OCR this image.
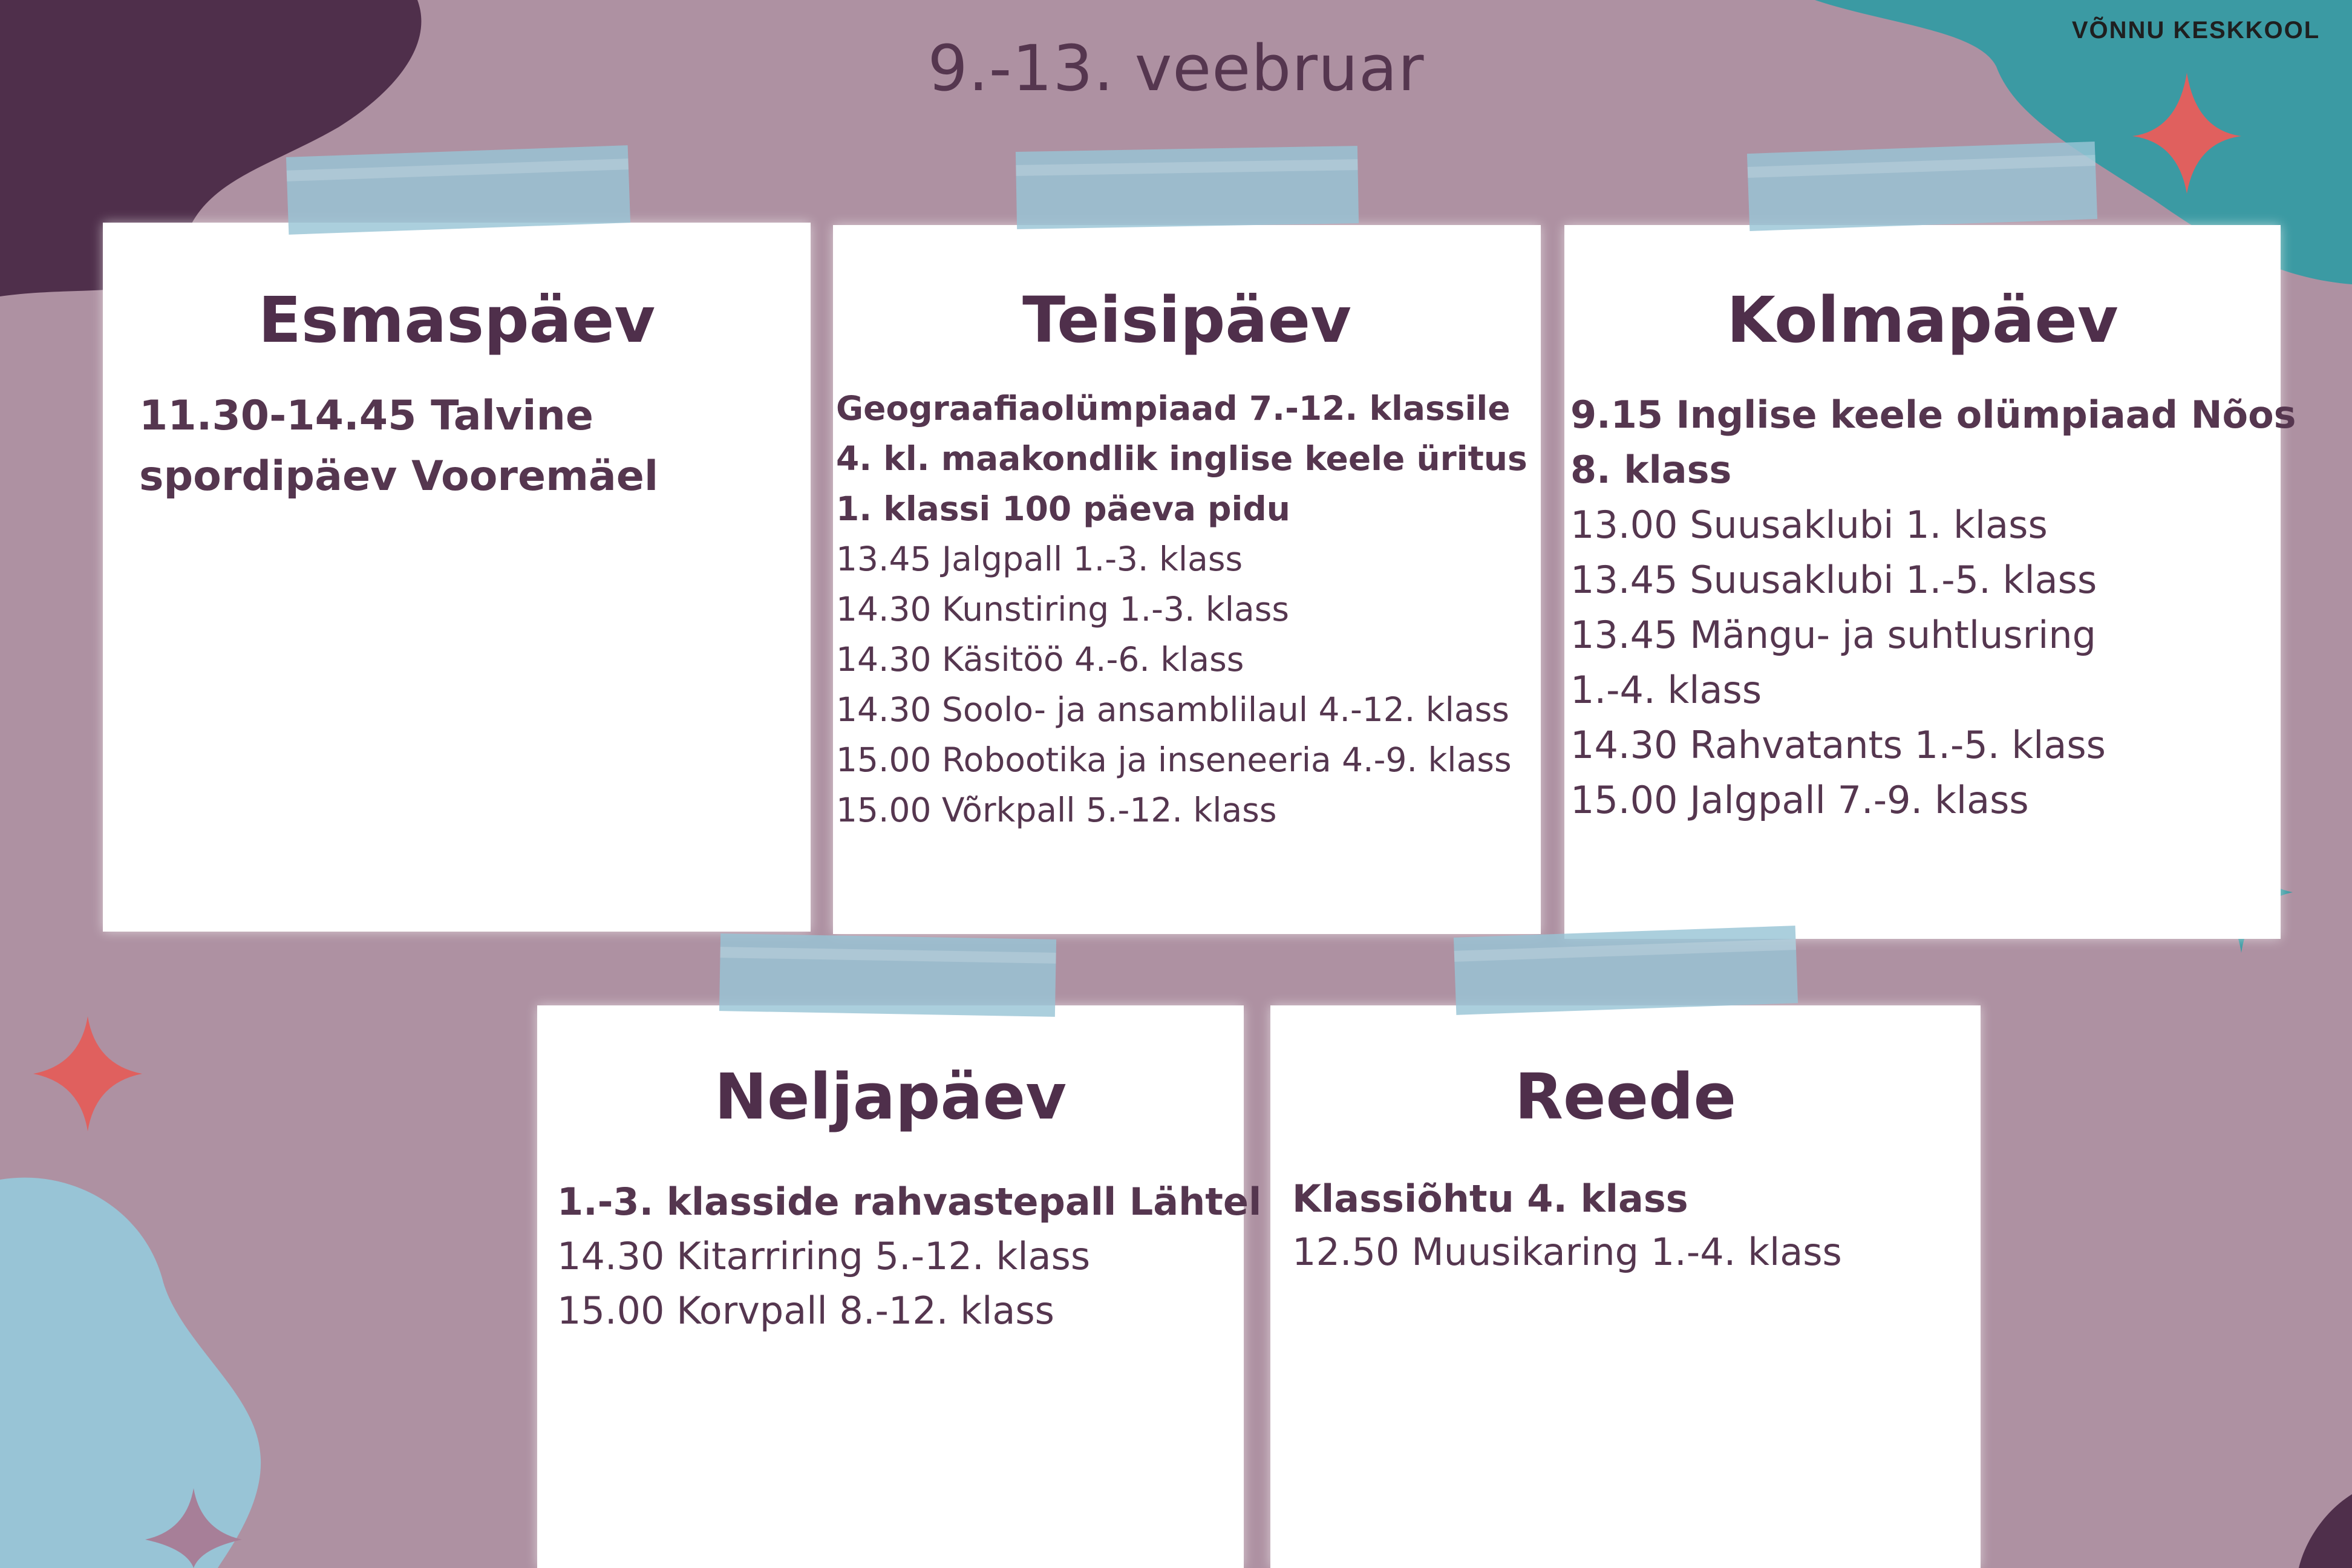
9.-13. veebruar
VÕNNU KESKKOOL
Esmaspäev
11.30-14.45 Talvine
spordipäev Vooremäel
Teisipäev
Geograafiaolümpiaad 7.-12. klassile
4. kl. maakondlik inglise keele üritus
1. klassi 100 päeva pidu
13.45 Jalgpall 1.-3. klass
14.30 Kunstiring 1.-3. klass
14.30 Käsitöö 4.-6. klass
14.30 Soolo- ja ansamblilaul 4.-12. klass
15.00 Robootika ja inseneeria 4.-9. klass
15.00 Võrkpall 5.-12. klass
Kolmapäev
9.15 Inglise keele olümpiaad Nõos
8. klass
13.00 Suusaklubi 1. klass
13.45 Suusaklubi 1.-5. klass
13.45 Mängu- ja suhtlusring
1.-4. klass
14.30 Rahvatants 1.-5. klass
15.00 Jalgpall 7.-9. klass
Neljapäev
1.-3. klasside rahvastepall Lähtel
14.30 Kitarriring 5.-12. klass
15.00 Korvpall 8.-12. klass
Reede
Klassiõhtu 4. klass
12.50 Muusikaring 1.-4. klass
